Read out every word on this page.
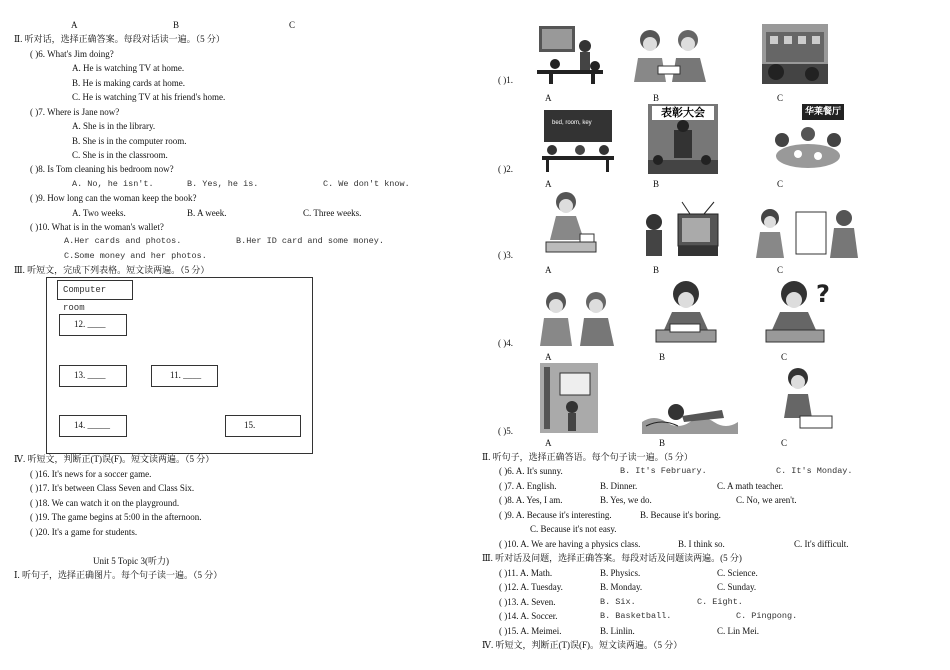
A	B	C
Ⅱ. 听对话，选择正确答案。每段对话读一遍。（5 分）
( )6. What's Jim doing?
A. He is watching TV at home.
B. He is making cards at home.
C. He is watching TV at his friend's home.
( )7. Where is Jane now?
A. She is in the library.
B. She is in the computer room.
C. She is in the classroom.
( )8. Is Tom cleaning his bedroom now?
A. No, he isn't.	B. Yes, he is.	C. We don't know.
( )9. How long can the woman keep the book?
A. Two weeks.	B. A week.	C. Three weeks.
( )10. What is in the woman's wallet?
A.Her cards and photos.	B.Her ID card and some money.
C.Some money and her photos.
Ⅲ. 听短文，完成下列表格。短文读两遍。（5 分）
Computer room
12. ____
13. ____	11. ____
14. _____	15.
Ⅳ. 听短文，判断正(T)误(F)。短文读两遍。（5 分）
( )16. It's news for a soccer game.
( )17. It's between Class Seven and Class Six.
( )18. We can watch it on the playground.
( )19. The game begins at 5:00 in the afternoon.
( )20. It's a game for students.
Unit 5 Topic 3(听力)
Ⅰ. 听句子，选择正确图片。每个句子读一遍。（5 分）
( )1.
A	B	C
( )2.
bed, room, key
表彰大会	华莱餐厅
A	B	C
( )3.
A	B	C
( )4.
?
A	B	C
( )5.
A	B	C
Ⅱ. 听句子，选择正确答语。每个句子读一遍。（5 分）
( )6. A. It's sunny.	B. It's February.	C. It's Monday.
( )7. A. English.	B. Dinner.	C. A math teacher.
( )8. A. Yes, I am.	B. Yes, we do.	C. No, we aren't.
( )9. A. Because it's interesting.	B. Because it's boring.
C. Because it's not easy.
( )10. A. We are having a physics class.	B. I think so.	C. It's difficult.
Ⅲ. 听对话及问题，选择正确答案。每段对话及问题读两遍。(5 分)
( )11. A. Math.	B. Physics.	C. Science.
( )12. A. Tuesday.	B. Monday.	C. Sunday.
( )13. A. Seven.	B. Six.	C. Eight.
( )14. A. Soccer.	B. Basketball.	C. Pingpong.
( )15. A. Meimei.	B. Linlin.	C. Lin Mei.
Ⅳ. 听短文，判断正(T)误(F)。短文读两遍。（5 分）
